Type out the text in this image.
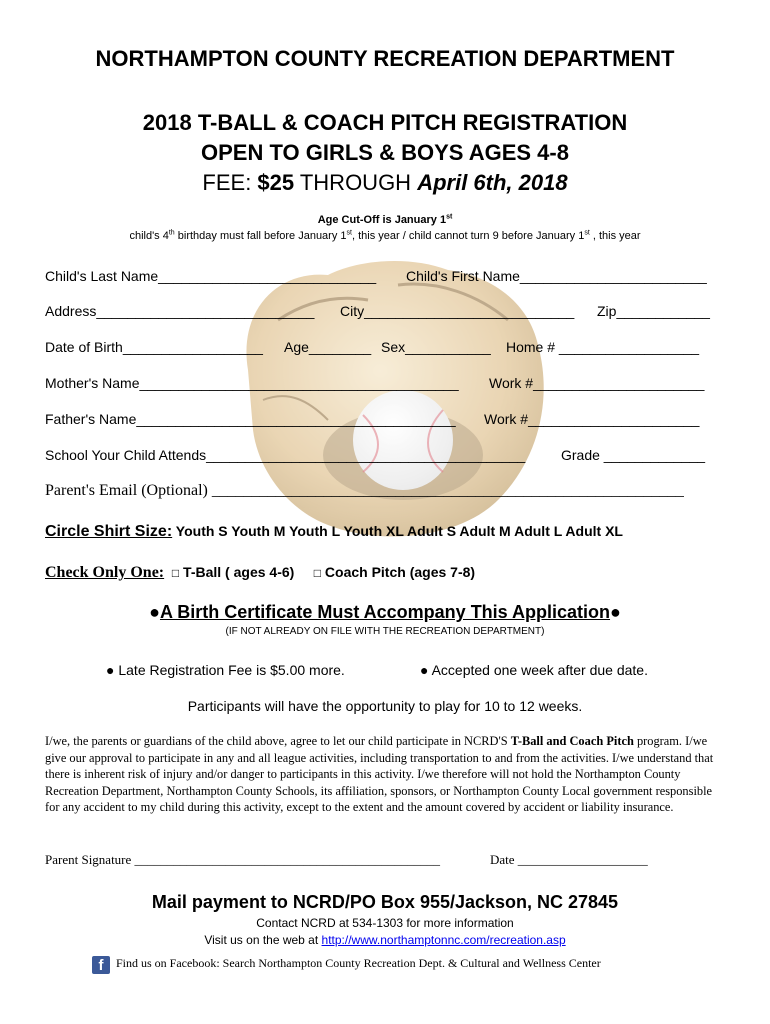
NORTHAMPTON COUNTY RECREATION DEPARTMENT
2018 T-BALL & COACH PITCH REGISTRATION
OPEN TO GIRLS & BOYS AGES 4-8
FEE: $25 THROUGH April 6th, 2018
Age Cut-Off is January 1st
child's 4th birthday must fall before January 1st, this year / child cannot turn 9 before January 1st , this year
Child's Last Name____________________________ Child's First Name________________________
Address____________________________ City___________________________ Zip____________
Date of Birth__________________ Age________ Sex___________ Home # __________________
Mother's Name_________________________________________ Work #______________________
Father's Name_________________________________________ Work #______________________
School Your Child Attends_________________________________________	Grade _____________
Parent's Email (Optional) ___________________________________________________________
Circle Shirt Size: Youth S Youth M Youth L Youth XL Adult S Adult M Adult L Adult XL
Check Only One: □ T-Ball ( ages 4-6) □ Coach Pitch (ages 7-8)
●A Birth Certificate Must Accompany This Application●
(IF NOT ALREADY ON FILE WITH THE RECREATION DEPARTMENT)
● Late Registration Fee is $5.00 more.	● Accepted one week after due date.
Participants will have the opportunity to play for 10 to 12 weeks.
I/we, the parents or guardians of the child above, agree to let our child participate in NCRD'S T-Ball and Coach Pitch program. I/we give our approval to participate in any and all league activities, including transportation to and from the activities. I/we understand that there is inherent risk of injury and/or danger to participants in this activity. I/we therefore will not hold the Northampton County Recreation Department, Northampton County Schools, its affiliation, sponsors, or Northampton County Local government responsible for any accident to my child during this activity, except to the extent and the amount covered by accident or liability insurance.
Parent Signature _______________________________________________	Date ____________________
Mail payment to NCRD/PO Box 955/Jackson, NC 27845
Contact NCRD at 534-1303 for more information
Visit us on the web at http://www.northamptonnc.com/recreation.asp
f Find us on Facebook: Search Northampton County Recreation Dept. & Cultural and Wellness Center
